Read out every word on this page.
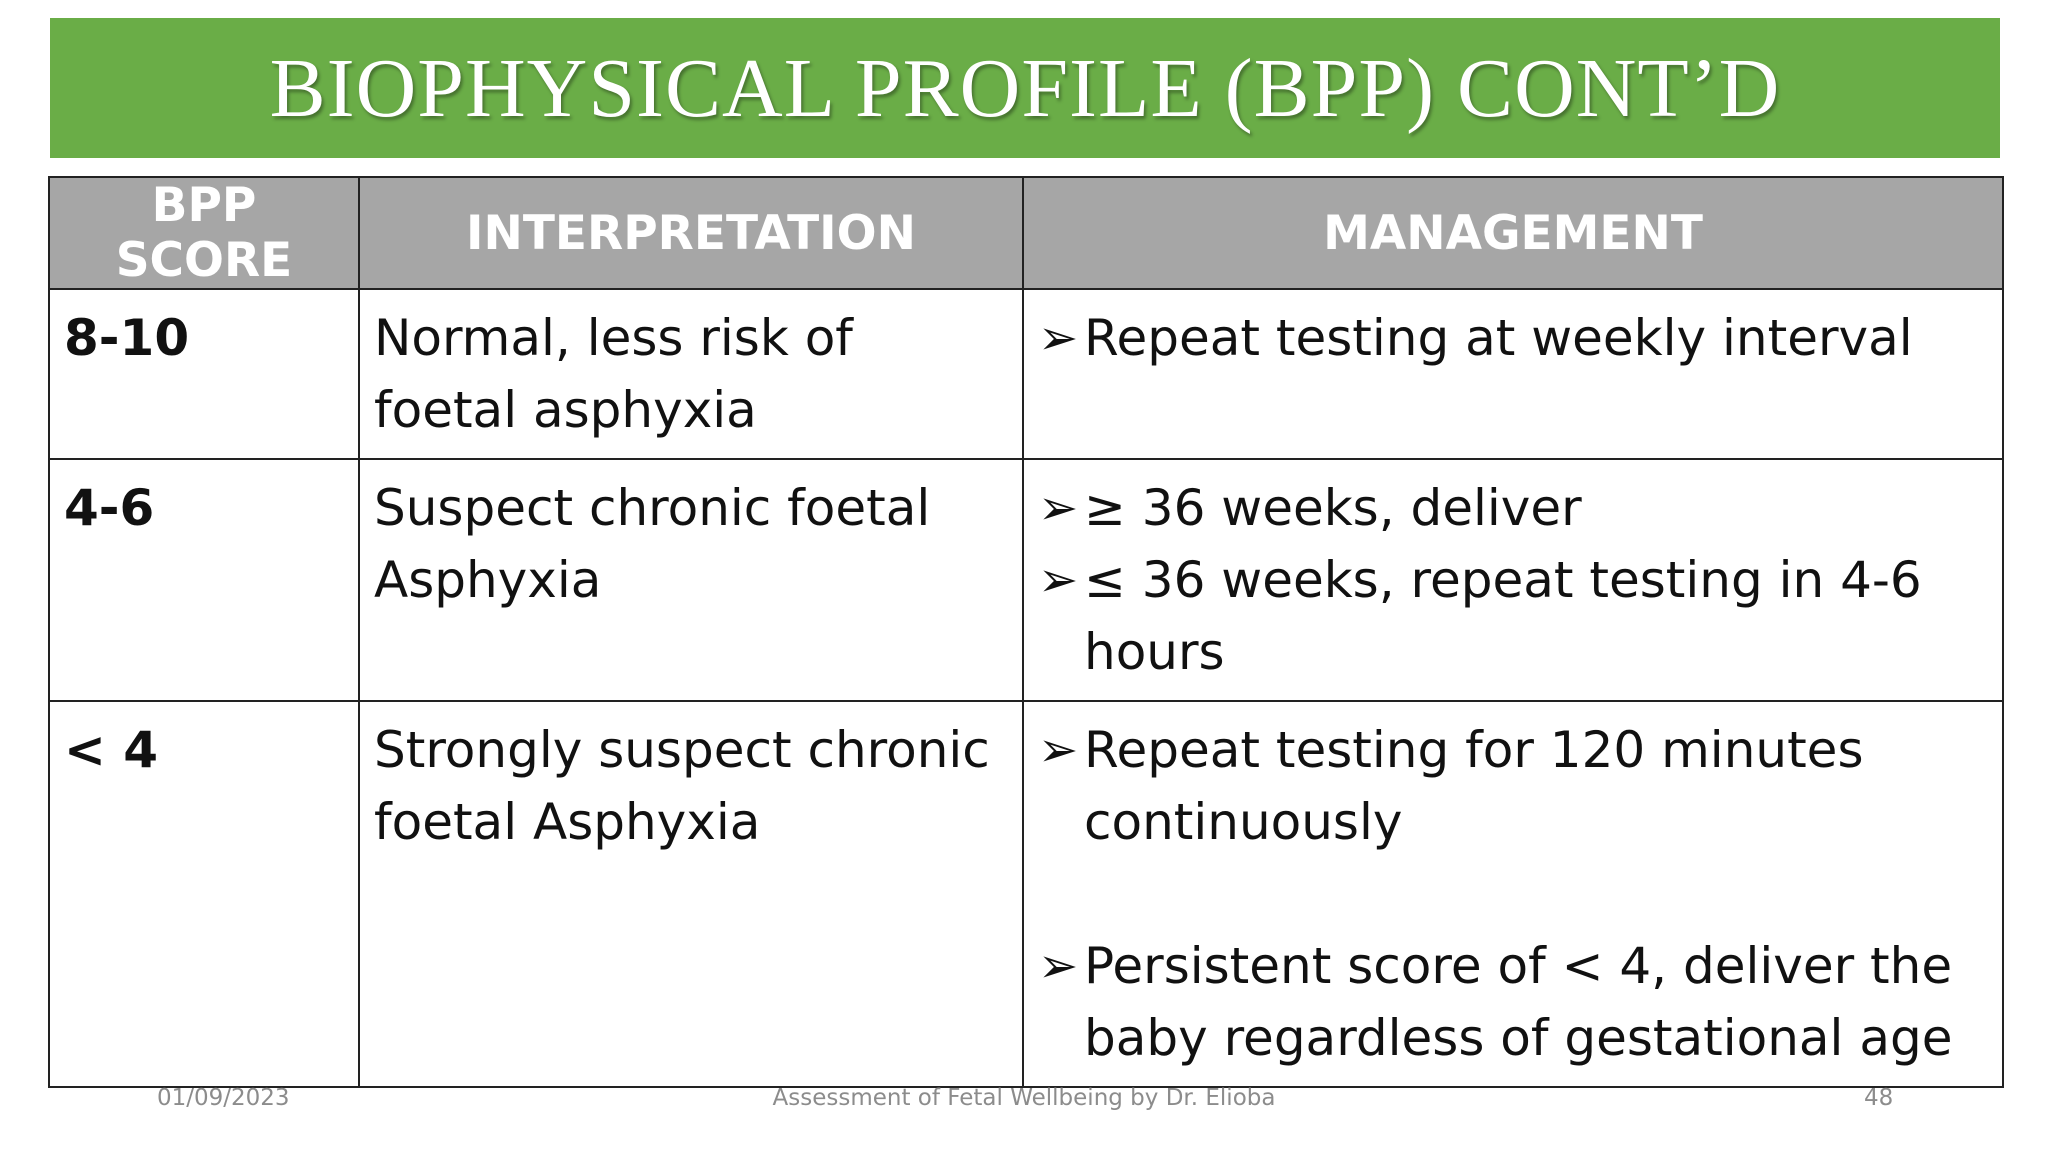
BIOPHYSICAL PROFILE (BPP) CONT’D
BPP SCORE	INTERPRETATION	MANAGEMENT
8-10	Normal, less risk of foetal asphyxia	➢ Repeat testing at weekly interval

4-6	Suspect chronic foetal Asphyxia	➢ ≥ 36 weeks, deliver
➢ ≤ 36 weeks, repeat testing in 4-6 hours

< 4	Strongly suspect chronic foetal Asphyxia	➢ Repeat testing for 120 minutes continuously
➢ Persistent score of < 4, deliver the baby regardless of gestational age
01/09/2023	Assessment of Fetal Wellbeing by Dr. Elioba	48
